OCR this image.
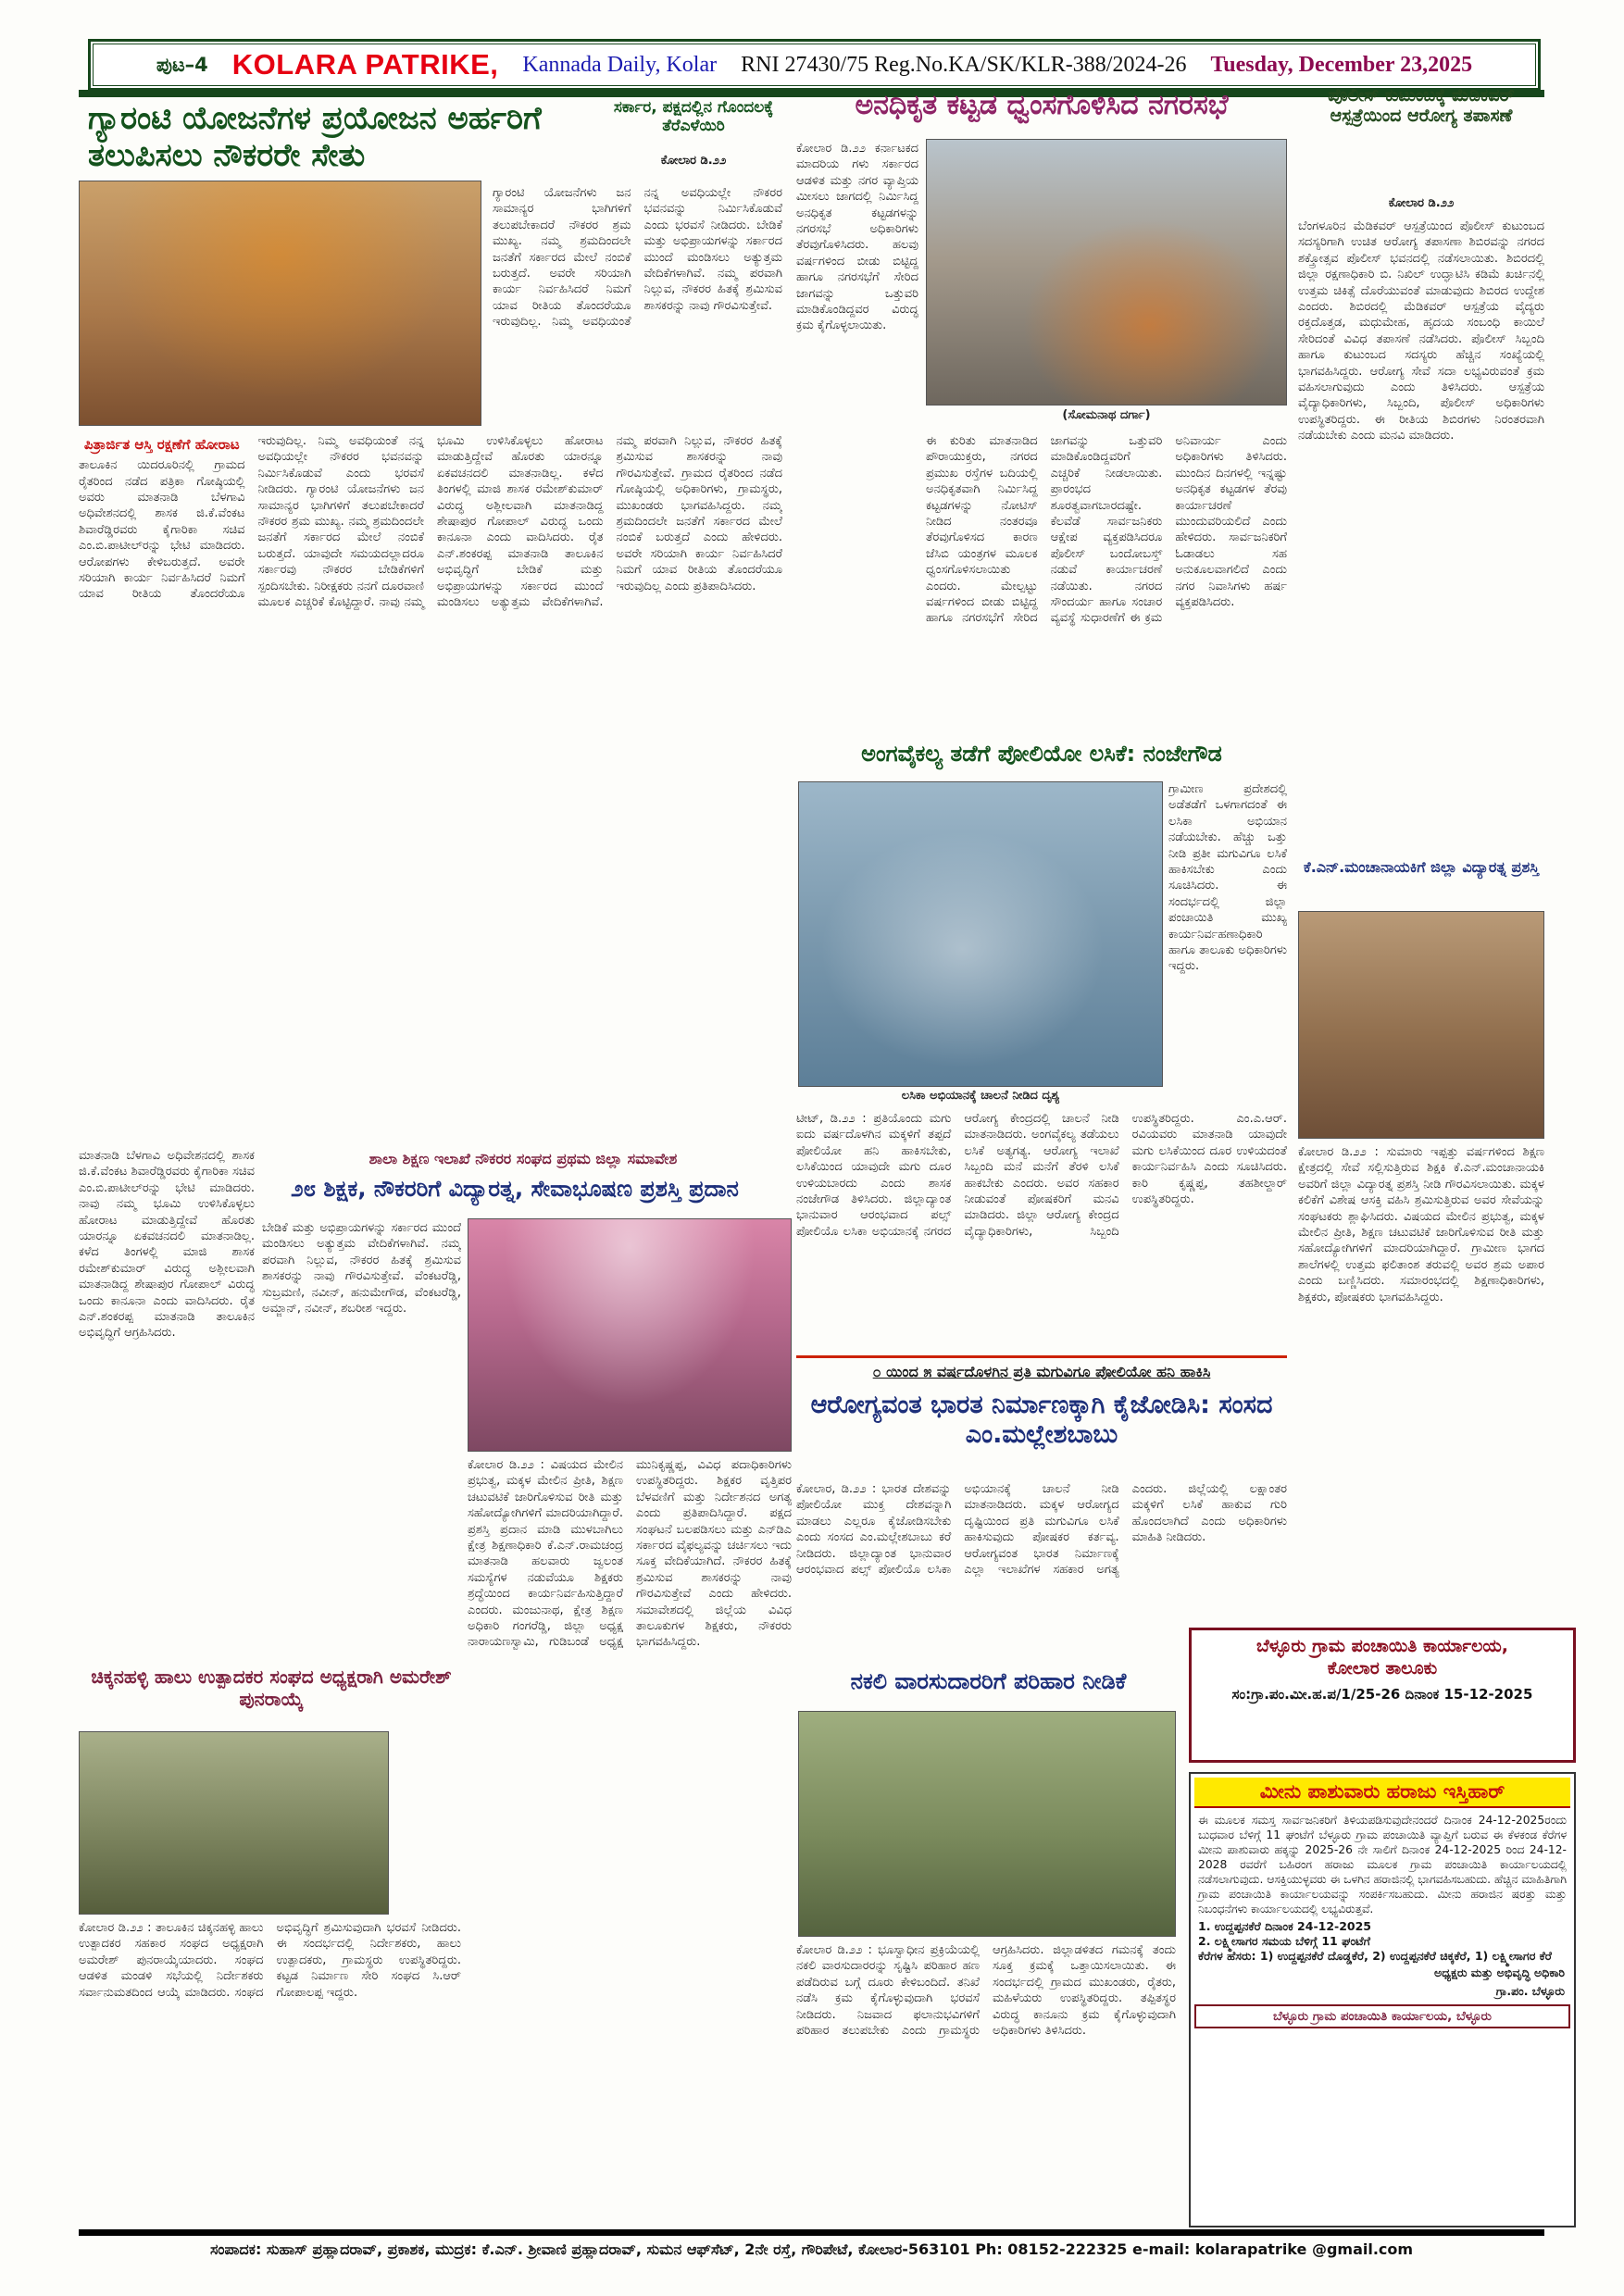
ಪುಟ–4 KOLARA PATRIKE, Kannada Daily, Kolar RNI 27430/75 Reg.No.KA/SK/KLR-388/2024-26 Tuesday, December 23,2025
ಗ್ಯಾರಂಟಿ ಯೋಜನೆಗಳ ಪ್ರಯೋಜನ ಅರ್ಹರಿಗೆ ತಲುಪಿಸಲು ನೌಕರರೇ ಸೇತು
ಸರ್ಕಾರ, ಪಕ್ಷದಲ್ಲಿನ ಗೊಂದಲಕ್ಕೆ ತೆರೆಎಳೆಯಿರಿ
ಕೋಲಾರ ಡಿ.೨೨
ಗ್ಯಾರಂಟಿ ಯೋಜನೆಗಳು ಜನ ಸಾಮಾನ್ಯರ ಭಾಗಿಗಳಿಗೆ ತಲುಪಬೇಕಾದರೆ ನೌಕರರ ಶ್ರಮ ಮುಖ್ಯ. ನಮ್ಮ ಶ್ರಮದಿಂದಲೇ ಜನತೆಗೆ ಸರ್ಕಾರದ ಮೇಲೆ ನಂಬಿಕೆ ಬರುತ್ತದೆ. ಅವರೇ ಸರಿಯಾಗಿ ಕಾರ್ಯ ನಿರ್ವಹಿಸಿದರೆ ನಿಮಗೆ ಯಾವ ರೀತಿಯ ತೊಂದರೆಯೂ ಇರುವುದಿಲ್ಲ. ನಿಮ್ಮ ಅವಧಿಯಂತೆ ನನ್ನ ಅವಧಿಯಲ್ಲೇ ನೌಕರರ ಭವನವನ್ನು ನಿರ್ಮಿಸಿಕೊಡುವೆ ಎಂದು ಭರವಸೆ ನೀಡಿದರು. ಬೇಡಿಕೆ ಮತ್ತು ಅಭಿಪ್ರಾಯಗಳನ್ನು ಸರ್ಕಾರದ ಮುಂದೆ ಮಂಡಿಸಲು ಅತ್ಯುತ್ತಮ ವೇದಿಕೆಗಳಾಗಿವೆ. ನಮ್ಮ ಪರವಾಗಿ ನಿಲ್ಲುವ, ನೌಕರರ ಹಿತಕ್ಕೆ ಶ್ರಮಿಸುವ ಶಾಸಕರನ್ನು ನಾವು ಗೌರವಿಸುತ್ತೇವೆ.
ಪಿತ್ರಾರ್ಜಿತ ಆಸ್ತಿ ರಕ್ಷಣೆಗೆ ಹೋರಾಟ
ತಾಲೂಕಿನ ಯಿದರೂರಿನಲ್ಲಿ ಗ್ರಾಮದ ರೈತರಿಂದ ನಡೆದ ಪತ್ರಿಕಾ ಗೋಷ್ಠಿಯಲ್ಲಿ ಅವರು ಮಾತನಾಡಿ ಬೆಳಗಾವಿ ಅಧಿವೇಶನದಲ್ಲಿ ಶಾಸಕ ಜಿ.ಕೆ.ವೆಂಕಟ ಶಿವಾರೆಡ್ಡಿರವರು ಕೈಗಾರಿಕಾ ಸಚಿವ ಎಂ.ಬಿ.ಪಾಟೀಲ್‌ರನ್ನು ಭೇಟಿ ಮಾಡಿದರು. ಆರೋಪಗಳು ಕೇಳಿಬರುತ್ತದೆ. ಅವರೇ ಸರಿಯಾಗಿ ಕಾರ್ಯ ನಿರ್ವಹಿಸಿದರೆ ನಿಮಗೆ ಯಾವ ರೀತಿಯ ತೊಂದರೆಯೂ ಇರುವುದಿಲ್ಲ. ನಿಮ್ಮ ಅವಧಿಯಂತೆ ನನ್ನ ಅವಧಿಯಲ್ಲೇ ನೌಕರರ ಭವನವನ್ನು ನಿರ್ಮಿಸಿಕೊಡುವೆ ಎಂದು ಭರವಸೆ ನೀಡಿದರು. ಗ್ಯಾರಂಟಿ ಯೋಜನೆಗಳು ಜನ ಸಾಮಾನ್ಯರ ಭಾಗಿಗಳಿಗೆ ತಲುಪಬೇಕಾದರೆ ನೌಕರರ ಶ್ರಮ ಮುಖ್ಯ. ನಮ್ಮ ಶ್ರಮದಿಂದಲೇ ಜನತೆಗೆ ಸರ್ಕಾರದ ಮೇಲೆ ನಂಬಿಕೆ ಬರುತ್ತದೆ. ಯಾವುದೇ ಸಮಯದಲ್ಲಾದರೂ ಸರ್ಕಾರವು ನೌಕರರ ಬೇಡಿಕೆಗಳಿಗೆ ಸ್ಪಂದಿಸಬೇಕು. ನಿರೀಕ್ಷಕರು ನನಗೆ ದೂರವಾಣಿ ಮೂಲಕ ಎಚ್ಚರಿಕೆ ಕೊಟ್ಟಿದ್ದಾರೆ. ನಾವು ನಮ್ಮ ಭೂಮಿ ಉಳಿಸಿಕೊಳ್ಳಲು ಹೋರಾಟ ಮಾಡುತ್ತಿದ್ದೇವೆ ಹೊರತು ಯಾರನ್ನೂ ಏಕವಚನದಲಿ ಮಾತನಾಡಿಲ್ಲ. ಕಳೆದ ತಿಂಗಳಲ್ಲಿ ಮಾಜಿ ಶಾಸಕ ರಮೇಶ್‌ಕುಮಾರ್ ವಿರುದ್ಧ ಅಶ್ಲೀಲವಾಗಿ ಮಾತನಾಡಿದ್ದ ಶೇಷಾಪುರ ಗೋಪಾಲ್ ವಿರುದ್ಧ ಒಂದು ಕಾನೂನಾ ಎಂದು ವಾದಿಸಿದರು. ರೈತ ಎನ್.ಶಂಕರಪ್ಪ ಮಾತನಾಡಿ ತಾಲೂಕಿನ ಅಭಿವೃದ್ಧಿಗೆ ಬೇಡಿಕೆ ಮತ್ತು ಅಭಿಪ್ರಾಯಗಳನ್ನು ಸರ್ಕಾರದ ಮುಂದೆ ಮಂಡಿಸಲು ಅತ್ಯುತ್ತಮ ವೇದಿಕೆಗಳಾಗಿವೆ. ನಮ್ಮ ಪರವಾಗಿ ನಿಲ್ಲುವ, ನೌಕರರ ಹಿತಕ್ಕೆ ಶ್ರಮಿಸುವ ಶಾಸಕರನ್ನು ನಾವು ಗೌರವಿಸುತ್ತೇವೆ. ಗ್ರಾಮದ ರೈತರಿಂದ ನಡೆದ ಗೋಷ್ಠಿಯಲ್ಲಿ ಅಧಿಕಾರಿಗಳು, ಗ್ರಾಮಸ್ಥರು, ಮುಖಂಡರು ಭಾಗವಹಿಸಿದ್ದರು. ನಮ್ಮ ಶ್ರಮದಿಂದಲೇ ಜನತೆಗೆ ಸರ್ಕಾರದ ಮೇಲೆ ನಂಬಿಕೆ ಬರುತ್ತದೆ ಎಂದು ಹೇಳಿದರು. ಅವರೇ ಸರಿಯಾಗಿ ಕಾರ್ಯ ನಿರ್ವಹಿಸಿದರೆ ನಿಮಗೆ ಯಾವ ರೀತಿಯ ತೊಂದರೆಯೂ ಇರುವುದಿಲ್ಲ ಎಂದು ಪ್ರತಿಪಾದಿಸಿದರು.
ಮಾತನಾಡಿ ಬೆಳಗಾವಿ ಅಧಿವೇಶನದಲ್ಲಿ ಶಾಸಕ ಜಿ.ಕೆ.ವೆಂಕಟ ಶಿವಾರೆಡ್ಡಿರವರು ಕೈಗಾರಿಕಾ ಸಚಿವ ಎಂ.ಬಿ.ಪಾಟೀಲ್‌ರನ್ನು ಭೇಟಿ ಮಾಡಿದರು. ನಾವು ನಮ್ಮ ಭೂಮಿ ಉಳಿಸಿಕೊಳ್ಳಲು ಹೋರಾಟ ಮಾಡುತ್ತಿದ್ದೇವೆ ಹೊರತು ಯಾರನ್ನೂ ಏಕವಚನದಲಿ ಮಾತನಾಡಿಲ್ಲ. ಕಳೆದ ತಿಂಗಳಲ್ಲಿ ಮಾಜಿ ಶಾಸಕ ರಮೇಶ್‌ಕುಮಾರ್ ವಿರುದ್ಧ ಅಶ್ಲೀಲವಾಗಿ ಮಾತನಾಡಿದ್ದ ಶೇಷಾಪುರ ಗೋಪಾಲ್ ವಿರುದ್ಧ ಒಂದು ಕಾನೂನಾ ಎಂದು ವಾದಿಸಿದರು. ರೈತ ಎನ್.ಶಂಕರಪ್ಪ ಮಾತನಾಡಿ ತಾಲೂಕಿನ ಅಭಿವೃದ್ಧಿಗೆ ಆಗ್ರಹಿಸಿದರು.
ಬೇಡಿಕೆ ಮತ್ತು ಅಭಿಪ್ರಾಯಗಳನ್ನು ಸರ್ಕಾರದ ಮುಂದೆ ಮಂಡಿಸಲು ಅತ್ಯುತ್ತಮ ವೇದಿಕೆಗಳಾಗಿವೆ. ನಮ್ಮ ಪರವಾಗಿ ನಿಲ್ಲುವ, ನೌಕರರ ಹಿತಕ್ಕೆ ಶ್ರಮಿಸುವ ಶಾಸಕರನ್ನು ನಾವು ಗೌರವಿಸುತ್ತೇವೆ. ವೆಂಕಟರೆಡ್ಡಿ, ಸುಬ್ರಮಣಿ, ನವೀನ್, ಹನುಮೇಗೌಡ, ವೆಂಕಟರೆಡ್ಡಿ, ಅಮ್ಜಾನ್, ನವೀನ್, ಶಬರೀಶ ಇದ್ದರು.
ಶಾಲಾ ಶಿಕ್ಷಣ ಇಲಾಖೆ ನೌಕರರ ಸಂಘದ ಪ್ರಥಮ ಜಿಲ್ಲಾ ಸಮಾವೇಶ
೨೮ ಶಿಕ್ಷಕ, ನೌಕರರಿಗೆ ವಿದ್ಯಾರತ್ನ, ಸೇವಾಭೂಷಣ ಪ್ರಶಸ್ತಿ ಪ್ರದಾನ
ಕೋಲಾರ ಡಿ.೨೨ : ವಿಷಯದ ಮೇಲಿನ ಪ್ರಭುತ್ವ, ಮಕ್ಕಳ ಮೇಲಿನ ಪ್ರೀತಿ, ಶಿಕ್ಷಣ ಚಟುವಟಿಕೆ ಜಾರಿಗೊಳಿಸುವ ರೀತಿ ಮತ್ತು ಸಹೋದ್ಯೋಗಿಗಳಿಗೆ ಮಾದರಿಯಾಗಿದ್ದಾರೆ. ಪ್ರಶಸ್ತಿ ಪ್ರದಾನ ಮಾಡಿ ಮುಳಬಾಗಿಲು ಕ್ಷೇತ್ರ ಶಿಕ್ಷಣಾಧಿಕಾರಿ ಕೆ.ಎನ್.ರಾಮಚಂದ್ರ ಮಾತನಾಡಿ ಹಲವಾರು ಜ್ವಲಂತ ಸಮಸ್ಯೆಗಳ ನಡುವೆಯೂ ಶಿಕ್ಷಕರು ಶ್ರದ್ಧೆಯಿಂದ ಕಾರ್ಯನಿರ್ವಹಿಸುತ್ತಿದ್ದಾರೆ ಎಂದರು. ಮಂಜುನಾಥ, ಕ್ಷೇತ್ರ ಶಿಕ್ಷಣ ಅಧಿಕಾರಿ ಗಂಗರೆಡ್ಡಿ, ಜಿಲ್ಲಾ ಅಧ್ಯಕ್ಷ ನಾರಾಯಣಸ್ವಾಮಿ, ಗುಡಿಬಂಡೆ ಅಧ್ಯಕ್ಷ ಮುನಿಕೃಷ್ಣಪ್ಪ, ವಿವಿಧ ಪದಾಧಿಕಾರಿಗಳು ಉಪಸ್ಥಿತರಿದ್ದರು. ಶಿಕ್ಷಕರ ವೃತ್ತಿಪರ ಬೆಳವಣಿಗೆ ಮತ್ತು ನಿರ್ದೇಶನದ ಅಗತ್ಯ ಎಂದು ಪ್ರತಿಪಾದಿಸಿದ್ದಾರೆ. ಪಕ್ಷದ ಸಂಘಟನೆ ಬಲಪಡಿಸಲು ಮತ್ತು ಎನ್‌ಡಿಎ ಸರ್ಕಾರದ ವೈಫಲ್ಯವನ್ನು ಚರ್ಚಿಸಲು ಇದು ಸೂಕ್ತ ವೇದಿಕೆಯಾಗಿದೆ. ನೌಕರರ ಹಿತಕ್ಕೆ ಶ್ರಮಿಸುವ ಶಾಸಕರನ್ನು ನಾವು ಗೌರವಿಸುತ್ತೇವೆ ಎಂದು ಹೇಳಿದರು. ಸಮಾವೇಶದಲ್ಲಿ ಜಿಲ್ಲೆಯ ವಿವಿಧ ತಾಲೂಕುಗಳ ಶಿಕ್ಷಕರು, ನೌಕರರು ಭಾಗವಹಿಸಿದ್ದರು.
ಚಿಕ್ಕನಹಳ್ಳಿ ಹಾಲು ಉತ್ಪಾದಕರ ಸಂಘದ ಅಧ್ಯಕ್ಷರಾಗಿ ಅಮರೇಶ್ ಪುನರಾಯ್ಕೆ
ಕೋಲಾರ ಡಿ.೨೨ : ತಾಲೂಕಿನ ಚಿಕ್ಕನಹಳ್ಳಿ ಹಾಲು ಉತ್ಪಾದಕರ ಸಹಕಾರ ಸಂಘದ ಅಧ್ಯಕ್ಷರಾಗಿ ಅಮರೇಶ್ ಪುನರಾಯ್ಕೆಯಾದರು. ಸಂಘದ ಆಡಳಿತ ಮಂಡಳಿ ಸಭೆಯಲ್ಲಿ ನಿರ್ದೇಶಕರು ಸರ್ವಾನುಮತದಿಂದ ಆಯ್ಕೆ ಮಾಡಿದರು. ಸಂಘದ ಅಭಿವೃದ್ಧಿಗೆ ಶ್ರಮಿಸುವುದಾಗಿ ಭರವಸೆ ನೀಡಿದರು. ಈ ಸಂದರ್ಭದಲ್ಲಿ ನಿರ್ದೇಶಕರು, ಹಾಲು ಉತ್ಪಾದಕರು, ಗ್ರಾಮಸ್ಥರು ಉಪಸ್ಥಿತರಿದ್ದರು. ಕಟ್ಟಡ ನಿರ್ಮಾಣ ಸೇರಿ ಸಂಘದ ಸಿ.ಆರ್ ಗೋಪಾಲಪ್ಪ ಇದ್ದರು.
ಅನಧಿಕೃತ ಕಟ್ಟಡ ಧ್ವಂಸಗೊಳಿಸಿದ ನಗರಸಭೆ
ಕೋಲಾರ ಡಿ.೨೨ ಕರ್ನಾಟಕದ ಮಾದರಿಯ ಗಳು ಸರ್ಕಾರದ ಆಡಳಿತ ಮತ್ತು ನಗರ ವ್ಯಾಪ್ತಿಯ ಮೀಸಲು ಜಾಗದಲ್ಲಿ ನಿರ್ಮಿಸಿದ್ದ ಅನಧಿಕೃತ ಕಟ್ಟಡಗಳನ್ನು ನಗರಸಭೆ ಅಧಿಕಾರಿಗಳು ತೆರವುಗೊಳಿಸಿದರು. ಹಲವು ವರ್ಷಗಳಿಂದ ಬೀಡು ಬಿಟ್ಟಿದ್ದ ಹಾಗೂ ನಗರಸಭೆಗೆ ಸೇರಿದ ಜಾಗವನ್ನು ಒತ್ತುವರಿ ಮಾಡಿಕೊಂಡಿದ್ದವರ ವಿರುದ್ಧ ಕ್ರಮ ಕೈಗೊಳ್ಳಲಾಯಿತು.
(ಸೋಮನಾಥ ದರ್ಗಾ)
ಈ ಕುರಿತು ಮಾತನಾಡಿದ ಪೌರಾಯುಕ್ತರು, ನಗರದ ಪ್ರಮುಖ ರಸ್ತೆಗಳ ಬದಿಯಲ್ಲಿ ಅನಧಿಕೃತವಾಗಿ ನಿರ್ಮಿಸಿದ್ದ ಕಟ್ಟಡಗಳನ್ನು ನೋಟಿಸ್ ನೀಡಿದ ನಂತರವೂ ತೆರವುಗೊಳಿಸದ ಕಾರಣ ಜೆಸಿಬಿ ಯಂತ್ರಗಳ ಮೂಲಕ ಧ್ವಂಸಗೊಳಿಸಲಾಯಿತು ಎಂದರು. ಮೇಲ್ಪಟ್ಟು ವರ್ಷಗಳಿಂದ ಬೀಡು ಬಿಟ್ಟಿದ್ದ ಹಾಗೂ ನಗರಸಭೆಗೆ ಸೇರಿದ ಜಾಗವನ್ನು ಒತ್ತುವರಿ ಮಾಡಿಕೊಂಡಿದ್ದವರಿಗೆ ಎಚ್ಚರಿಕೆ ನೀಡಲಾಯಿತು. ಪ್ರಾರಂಭದ ಶೂರತ್ವವಾಗಬಾರದಷ್ಟೇ. ಕೆಲವೆಡೆ ಸಾರ್ವಜನಿಕರು ಆಕ್ಷೇಪ ವ್ಯಕ್ತಪಡಿಸಿದರೂ ಪೊಲೀಸ್ ಬಂದೋಬಸ್ತ್ ನಡುವೆ ಕಾರ್ಯಾಚರಣೆ ನಡೆಯಿತು. ನಗರದ ಸೌಂದರ್ಯ ಹಾಗೂ ಸಂಚಾರ ವ್ಯವಸ್ಥೆ ಸುಧಾರಣೆಗೆ ಈ ಕ್ರಮ ಅನಿವಾರ್ಯ ಎಂದು ಅಧಿಕಾರಿಗಳು ತಿಳಿಸಿದರು. ಮುಂದಿನ ದಿನಗಳಲ್ಲಿ ಇನ್ನಷ್ಟು ಅನಧಿಕೃತ ಕಟ್ಟಡಗಳ ತೆರವು ಕಾರ್ಯಾಚರಣೆ ಮುಂದುವರಿಯಲಿದೆ ಎಂದು ಹೇಳಿದರು. ಸಾರ್ವಜನಿಕರಿಗೆ ಓಡಾಡಲು ಸಹ ಅನುಕೂಲವಾಗಲಿದೆ ಎಂದು ನಗರ ನಿವಾಸಿಗಳು ಹರ್ಷ ವ್ಯಕ್ತಪಡಿಸಿದರು.
ಅಂಗವೈಕಲ್ಯ ತಡೆಗೆ ಪೋಲಿಯೋ ಲಸಿಕೆ: ನಂಜೇಗೌಡ
ಗ್ರಾಮೀಣ ಪ್ರದೇಶದಲ್ಲಿ ಅಡೆತಡೆಗೆ ಒಳಗಾಗದಂತೆ ಈ ಲಸಿಕಾ ಅಭಿಯಾನ ನಡೆಯಬೇಕು. ಹೆಚ್ಚು ಒತ್ತು ನೀಡಿ ಪ್ರತೀ ಮಗುವಿಗೂ ಲಸಿಕೆ ಹಾಕಿಸಬೇಕು ಎಂದು ಸೂಚಿಸಿದರು. ಈ ಸಂದರ್ಭದಲ್ಲಿ ಜಿಲ್ಲಾ ಪಂಚಾಯಿತಿ ಮುಖ್ಯ ಕಾರ್ಯನಿರ್ವಹಣಾಧಿಕಾರಿ ಹಾಗೂ ತಾಲೂಕು ಅಧಿಕಾರಿಗಳು ಇದ್ದರು.
ಲಸಿಕಾ ಅಭಿಯಾನಕ್ಕೆ ಚಾಲನೆ ನೀಡಿದ ದೃಶ್ಯ
ಟೀಟ್, ಡಿ.೨೨ : ಪ್ರತಿಯೊಂದು ಮಗು ಐದು ವರ್ಷದೊಳಗಿನ ಮಕ್ಕಳಿಗೆ ತಪ್ಪದೆ ಪೋಲಿಯೋ ಹನಿ ಹಾಕಿಸಬೇಕು, ಲಸಿಕೆಯಿಂದ ಯಾವುದೇ ಮಗು ದೂರ ಉಳಿಯಬಾರದು ಎಂದು ಶಾಸಕ ನಂಜೇಗೌಡ ತಿಳಿಸಿದರು. ಜಿಲ್ಲಾದ್ಯಾಂತ ಭಾನುವಾರ ಆರಂಭವಾದ ಪಲ್ಸ್ ಪೋಲಿಯೊ ಲಸಿಕಾ ಅಭಿಯಾನಕ್ಕೆ ನಗರದ ಆರೋಗ್ಯ ಕೇಂದ್ರದಲ್ಲಿ ಚಾಲನೆ ನೀಡಿ ಮಾತನಾಡಿದರು. ಅಂಗವೈಕಲ್ಯ ತಡೆಯಲು ಲಸಿಕೆ ಅತ್ಯಗತ್ಯ. ಆರೋಗ್ಯ ಇಲಾಖೆ ಸಿಬ್ಬಂದಿ ಮನೆ ಮನೆಗೆ ತೆರಳಿ ಲಸಿಕೆ ಹಾಕಬೇಕು ಎಂದರು. ಅವರ ಸಹಕಾರ ನೀಡುವಂತೆ ಪೋಷಕರಿಗೆ ಮನವಿ ಮಾಡಿದರು. ಜಿಲ್ಲಾ ಆರೋಗ್ಯ ಕೇಂದ್ರದ ವೈದ್ಯಾಧಿಕಾರಿಗಳು, ಸಿಬ್ಬಂದಿ ಉಪಸ್ಥಿತರಿದ್ದರು. ಎಂ.ಎ.ಆರ್. ರವಿಯವರು ಮಾತನಾಡಿ ಯಾವುದೇ ಮಗು ಲಸಿಕೆಯಿಂದ ದೂರ ಉಳಿಯದಂತೆ ಕಾರ್ಯನಿರ್ವಹಿಸಿ ಎಂದು ಸೂಚಿಸಿದರು. ಕಾರಿ ಕೃಷ್ಣಪ್ಪ, ತಹಶೀಲ್ದಾರ್ ಉಪಸ್ಥಿತರಿದ್ದರು.
೦ ಯಿಂದ ೫ ವರ್ಷದೊಳಗಿನ ಪ್ರತಿ ಮಗುವಿಗೂ ಪೋಲಿಯೋ ಹನಿ ಹಾಕಿಸಿ
ಆರೋಗ್ಯವಂತ ಭಾರತ ನಿರ್ಮಾಣಕ್ಕಾಗಿ ಕೈಜೋಡಿಸಿ: ಸಂಸದ ಎಂ.ಮಲ್ಲೇಶಬಾಬು
ಕೋಲಾರ, ಡಿ.೨೨ : ಭಾರತ ದೇಶವನ್ನು ಪೋಲಿಯೋ ಮುಕ್ತ ದೇಶವನ್ನಾಗಿ ಮಾಡಲು ಎಲ್ಲರೂ ಕೈಜೋಡಿಸಬೇಕು ಎಂದು ಸಂಸದ ಎಂ.ಮಲ್ಲೇಶಬಾಬು ಕರೆ ನೀಡಿದರು. ಜಿಲ್ಲಾದ್ಯಾಂತ ಭಾನುವಾರ ಆರಂಭವಾದ ಪಲ್ಸ್ ಪೋಲಿಯೊ ಲಸಿಕಾ ಅಭಿಯಾನಕ್ಕೆ ಚಾಲನೆ ನೀಡಿ ಮಾತನಾಡಿದರು. ಮಕ್ಕಳ ಆರೋಗ್ಯದ ದೃಷ್ಟಿಯಿಂದ ಪ್ರತಿ ಮಗುವಿಗೂ ಲಸಿಕೆ ಹಾಕಿಸುವುದು ಪೋಷಕರ ಕರ್ತವ್ಯ. ಆರೋಗ್ಯವಂತ ಭಾರತ ನಿರ್ಮಾಣಕ್ಕೆ ಎಲ್ಲಾ ಇಲಾಖೆಗಳ ಸಹಕಾರ ಅಗತ್ಯ ಎಂದರು. ಜಿಲ್ಲೆಯಲ್ಲಿ ಲಕ್ಷಾಂತರ ಮಕ್ಕಳಿಗೆ ಲಸಿಕೆ ಹಾಕುವ ಗುರಿ ಹೊಂದಲಾಗಿದೆ ಎಂದು ಅಧಿಕಾರಿಗಳು ಮಾಹಿತಿ ನೀಡಿದರು.
ನಕಲಿ ವಾರಸುದಾರರಿಗೆ ಪರಿಹಾರ ನೀಡಿಕೆ
ಕೋಲಾರ ಡಿ.೨೨ : ಭೂಸ್ವಾಧೀನ ಪ್ರಕ್ರಿಯೆಯಲ್ಲಿ ನಕಲಿ ವಾರಸುದಾರರನ್ನು ಸೃಷ್ಟಿಸಿ ಪರಿಹಾರ ಹಣ ಪಡೆದಿರುವ ಬಗ್ಗೆ ದೂರು ಕೇಳಿಬಂದಿದೆ. ತನಿಖೆ ನಡೆಸಿ ಕ್ರಮ ಕೈಗೊಳ್ಳುವುದಾಗಿ ಭರವಸೆ ನೀಡಿದರು. ನಿಜವಾದ ಫಲಾನುಭವಿಗಳಿಗೆ ಪರಿಹಾರ ತಲುಪಬೇಕು ಎಂದು ಗ್ರಾಮಸ್ಥರು ಆಗ್ರಹಿಸಿದರು. ಜಿಲ್ಲಾಡಳಿತದ ಗಮನಕ್ಕೆ ತಂದು ಸೂಕ್ತ ಕ್ರಮಕ್ಕೆ ಒತ್ತಾಯಿಸಲಾಯಿತು. ಈ ಸಂದರ್ಭದಲ್ಲಿ ಗ್ರಾಮದ ಮುಖಂಡರು, ರೈತರು, ಮಹಿಳೆಯರು ಉಪಸ್ಥಿತರಿದ್ದರು. ತಪ್ಪಿತಸ್ಥರ ವಿರುದ್ಧ ಕಾನೂನು ಕ್ರಮ ಕೈಗೊಳ್ಳುವುದಾಗಿ ಅಧಿಕಾರಿಗಳು ತಿಳಿಸಿದರು.
ಪೊಲೀಸ್ ಕುಟುಂಬಕ್ಕೆ ಮೆಡಿಕವರ್ ಆಸ್ಪತ್ರೆಯಿಂದ ಆರೋಗ್ಯ ತಪಾಸಣೆ
ಕೋಲಾರ ಡಿ.೨೨
ಬೆಂಗಳೂರಿನ ಮೆಡಿಕವರ್ ಆಸ್ಪತ್ರೆಯಿಂದ ಪೊಲೀಸ್ ಕುಟುಂಬದ ಸದಸ್ಯರಿಗಾಗಿ ಉಚಿತ ಆರೋಗ್ಯ ತಪಾಸಣಾ ಶಿಬಿರವನ್ನು ನಗರದ ಶಕ್ತ್ರೋತ್ಸವ ಪೊಲೀಸ್ ಭವನದಲ್ಲಿ ನಡೆಸಲಾಯಿತು. ಶಿಬಿರದಲ್ಲಿ ಜಿಲ್ಲಾ ರಕ್ಷಣಾಧಿಕಾರಿ ಬಿ. ನಿಖಿಲ್ ಉದ್ಘಾಟಿಸಿ ಕಡಿಮೆ ಖರ್ಚಿನಲ್ಲಿ ಉತ್ತಮ ಚಿಕಿತ್ಸೆ ದೊರೆಯುವಂತೆ ಮಾಡುವುದು ಶಿಬಿರದ ಉದ್ದೇಶ ಎಂದರು. ಶಿಬಿರದಲ್ಲಿ ಮೆಡಿಕವರ್ ಆಸ್ಪತ್ರೆಯ ವೈದ್ಯರು ರಕ್ತದೊತ್ತಡ, ಮಧುಮೇಹ, ಹೃದಯ ಸಂಬಂಧಿ ಕಾಯಿಲೆ ಸೇರಿದಂತೆ ವಿವಿಧ ತಪಾಸಣೆ ನಡೆಸಿದರು. ಪೊಲೀಸ್ ಸಿಬ್ಬಂದಿ ಹಾಗೂ ಕುಟುಂಬದ ಸದಸ್ಯರು ಹೆಚ್ಚಿನ ಸಂಖ್ಯೆಯಲ್ಲಿ ಭಾಗವಹಿಸಿದ್ದರು. ಆರೋಗ್ಯ ಸೇವೆ ಸದಾ ಲಭ್ಯವಿರುವಂತೆ ಕ್ರಮ ವಹಿಸಲಾಗುವುದು ಎಂದು ತಿಳಿಸಿದರು. ಆಸ್ಪತ್ರೆಯ ವೈದ್ಯಾಧಿಕಾರಿಗಳು, ಸಿಬ್ಬಂದಿ, ಪೊಲೀಸ್ ಅಧಿಕಾರಿಗಳು ಉಪಸ್ಥಿತರಿದ್ದರು. ಈ ರೀತಿಯ ಶಿಬಿರಗಳು ನಿರಂತರವಾಗಿ ನಡೆಯಬೇಕು ಎಂದು ಮನವಿ ಮಾಡಿದರು.
ಕೆ.ಎನ್.ಮಂಚಾನಾಯಕಿಗೆ ಜಿಲ್ಲಾ ವಿದ್ಯಾರತ್ನ ಪ್ರಶಸ್ತಿ
ಕೋಲಾರ ಡಿ.೨೨ : ಸುಮಾರು ಇಪ್ಪತ್ತು ವರ್ಷಗಳಿಂದ ಶಿಕ್ಷಣ ಕ್ಷೇತ್ರದಲ್ಲಿ ಸೇವೆ ಸಲ್ಲಿಸುತ್ತಿರುವ ಶಿಕ್ಷಕಿ ಕೆ.ಎನ್.ಮಂಚಾನಾಯಕಿ ಅವರಿಗೆ ಜಿಲ್ಲಾ ವಿದ್ಯಾರತ್ನ ಪ್ರಶಸ್ತಿ ನೀಡಿ ಗೌರವಿಸಲಾಯಿತು. ಮಕ್ಕಳ ಕಲಿಕೆಗೆ ವಿಶೇಷ ಆಸಕ್ತಿ ವಹಿಸಿ ಶ್ರಮಿಸುತ್ತಿರುವ ಅವರ ಸೇವೆಯನ್ನು ಸಂಘಟಕರು ಶ್ಲಾಘಿಸಿದರು. ವಿಷಯದ ಮೇಲಿನ ಪ್ರಭುತ್ವ, ಮಕ್ಕಳ ಮೇಲಿನ ಪ್ರೀತಿ, ಶಿಕ್ಷಣ ಚಟುವಟಿಕೆ ಜಾರಿಗೊಳಿಸುವ ರೀತಿ ಮತ್ತು ಸಹೋದ್ಯೋಗಿಗಳಿಗೆ ಮಾದರಿಯಾಗಿದ್ದಾರೆ. ಗ್ರಾಮೀಣ ಭಾಗದ ಶಾಲೆಗಳಲ್ಲಿ ಉತ್ತಮ ಫಲಿತಾಂಶ ತರುವಲ್ಲಿ ಅವರ ಶ್ರಮ ಅಪಾರ ಎಂದು ಬಣ್ಣಿಸಿದರು. ಸಮಾರಂಭದಲ್ಲಿ ಶಿಕ್ಷಣಾಧಿಕಾರಿಗಳು, ಶಿಕ್ಷಕರು, ಪೋಷಕರು ಭಾಗವಹಿಸಿದ್ದರು.
ಬೆಳ್ಳೂರು ಗ್ರಾಮ ಪಂಚಾಯಿತಿ ಕಾರ್ಯಾಲಯ,
ಕೋಲಾರ ತಾಲೂಕು
ಸಂ:ಗ್ರಾ.ಪಂ.ಮೀ.ಹ.ಪ/1/25-26 ದಿನಾಂಕ 15-12-2025
ಮೀನು ಪಾಶುವಾರು ಹರಾಜು ಇಸ್ತಿಹಾರ್
ಈ ಮೂಲಕ ಸಮಸ್ತ ಸಾರ್ವಜನಿಕರಿಗೆ ತಿಳಿಯಪಡಿಸುವುದೇನಂದರೆ ದಿನಾಂಕ 24-12-2025ರಂದು ಬುಧವಾರ ಬೆಳಿಗ್ಗೆ 11 ಘಂಟೆಗೆ ಬೆಳ್ಳೂರು ಗ್ರಾಮ ಪಂಚಾಯಿತಿ ವ್ಯಾಪ್ತಿಗೆ ಬರುವ ಈ ಕೆಳಕಂಡ ಕೆರೆಗಳ ಮೀನು ಪಾಶುವಾರು ಹಕ್ಕನ್ನು 2025-26 ನೇ ಸಾಲಿಗೆ ದಿನಾಂಕ 24-12-2025 ರಿಂದ 24-12-2028 ರವರೆಗೆ ಬಹಿರಂಗ ಹರಾಜು ಮೂಲಕ ಗ್ರಾಮ ಪಂಚಾಯಿತಿ ಕಾರ್ಯಾಲಯದಲ್ಲಿ ನಡೆಸಲಾಗುವುದು. ಆಸಕ್ತಿಯುಳ್ಳವರು ಈ ಒಳಗಿನ ಹರಾಜಿನಲ್ಲಿ ಭಾಗವಹಿಸಬಹುದು. ಹೆಚ್ಚಿನ ಮಾಹಿತಿಗಾಗಿ ಗ್ರಾಮ ಪಂಚಾಯಿತಿ ಕಾರ್ಯಾಲಯವನ್ನು ಸಂಪರ್ಕಿಸಬಹುದು. ಮೀನು ಹರಾಜಿನ ಷರತ್ತು ಮತ್ತು ನಿಬಂಧನೆಗಳು ಕಾರ್ಯಾಲಯದಲ್ಲಿ ಲಭ್ಯವಿರುತ್ತವೆ.
1. ಉದ್ದಪ್ಪನಕೆರೆ ದಿನಾಂಕ 24-12-2025
2. ಲಕ್ಷ್ಮೀಸಾಗರ ಸಮಯ ಬೆಳಿಗ್ಗೆ 11 ಘಂಟೆಗೆ
ಕೆರೆಗಳ ಹೆಸರು: 1) ಉದ್ದಪ್ಪನಕೆರೆ ದೊಡ್ಡಕೆರೆ, 2) ಉದ್ದಪ್ಪನಕೆರೆ ಚಿಕ್ಕಕೆರೆ, 1) ಲಕ್ಷ್ಮೀಸಾಗರ ಕೆರೆ
ಅಧ್ಯಕ್ಷರು ಮತ್ತು ಅಭಿವೃದ್ಧಿ ಅಧಿಕಾರಿ
ಗ್ರಾ.ಪಂ. ಬೆಳ್ಳೂರು
ಬೆಳ್ಳೂರು ಗ್ರಾಮ ಪಂಚಾಯಿತಿ ಕಾರ್ಯಾಲಯ, ಬೆಳ್ಳೂರು
ಸಂಪಾದಕ: ಸುಹಾಸ್ ಪ್ರಹ್ಲಾದರಾವ್, ಪ್ರಕಾಶಕ, ಮುದ್ರಕ: ಕೆ.ಎನ್. ಶ್ರೀವಾಣಿ ಪ್ರಹ್ಲಾದರಾವ್, ಸುಮನ ಆಫ್‌ಸೆಟ್, 2ನೇ ರಸ್ತೆ, ಗೌರಿಪೇಟೆ, ಕೋಲಾರ-563101 Ph: 08152-222325 e-mail: kolarapatrike @gmail.com
